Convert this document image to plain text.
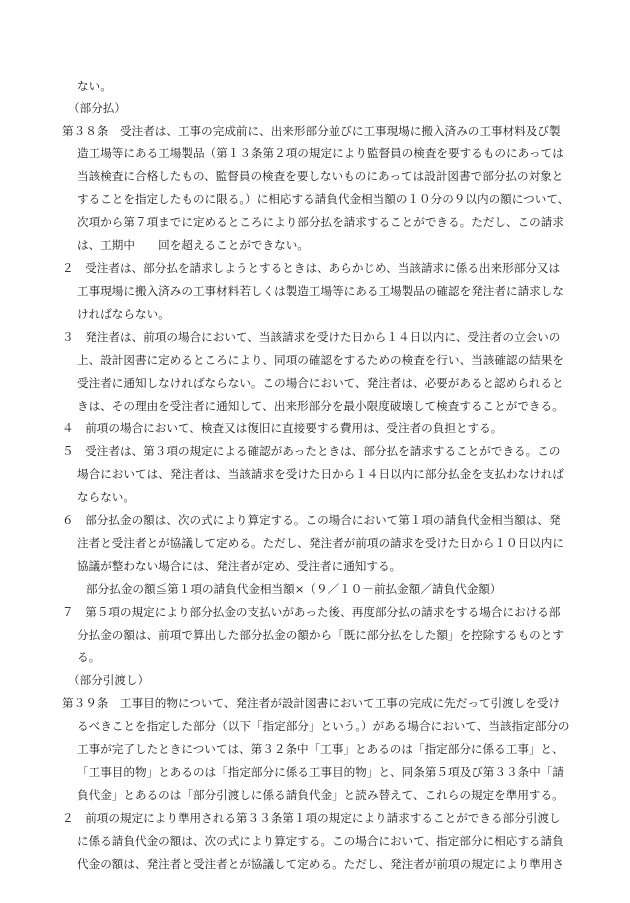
ない。
（部分払）
第３８条　受注者は、工事の完成前に、出来形部分並びに工事現場に搬入済みの工事材料及び製
造工場等にある工場製品（第１３条第２項の規定により監督員の検査を要するものにあっては
当該検査に合格したもの、監督員の検査を要しないものにあっては設計図書で部分払の対象と
することを指定したものに限る。）に相応する請負代金相当額の１０分の９以内の額について、
次項から第７項までに定めるところにより部分払を請求することができる。ただし、この請求
は、工期中　　回を超えることができない。
２　受注者は、部分払を請求しようとするときは、あらかじめ、当該請求に係る出来形部分又は
工事現場に搬入済みの工事材料若しくは製造工場等にある工場製品の確認を発注者に請求しな
ければならない。
３　発注者は、前項の場合において、当該請求を受けた日から１４日以内に、受注者の立会いの
上、設計図書に定めるところにより、同項の確認をするための検査を行い、当該確認の結果を
受注者に通知しなければならない。この場合において、発注者は、必要があると認められると
きは、その理由を受注者に通知して、出来形部分を最小限度破壊して検査することができる。
４　前項の場合において、検査又は復旧に直接要する費用は、受注者の負担とする。
５　受注者は、第３項の規定による確認があったときは、部分払を請求することができる。この
場合においては、発注者は、当該請求を受けた日から１４日以内に部分払金を支払わなければ
ならない。
６　部分払金の額は、次の式により算定する。この場合において第１項の請負代金相当額は、発
注者と受注者とが協議して定める。ただし、発注者が前項の請求を受けた日から１０日以内に
協議が整わない場合には、発注者が定め、受注者に通知する。
部分払金の額≦第１項の請負代金相当額×（９／１０－前払金額／請負代金額）
７　第５項の規定により部分払金の支払いがあった後、再度部分払の請求をする場合における部
分払金の額は、前項で算出した部分払金の額から「既に部分払をした額」を控除するものとす
る。
（部分引渡し）
第３９条　工事目的物について、発注者が設計図書において工事の完成に先だって引渡しを受け
るべきことを指定した部分（以下「指定部分」という。）がある場合において、当該指定部分の
工事が完了したときについては、第３２条中「工事」とあるのは「指定部分に係る工事」と、
「工事目的物」とあるのは「指定部分に係る工事目的物」と、同条第５項及び第３３条中「請
負代金」とあるのは「部分引渡しに係る請負代金」と読み替えて、これらの規定を準用する。
２　前項の規定により準用される第３３条第１項の規定により請求することができる部分引渡し
に係る請負代金の額は、次の式により算定する。この場合において、指定部分に相応する請負
代金の額は、発注者と受注者とが協議して定める。ただし、発注者が前項の規定により準用さ
